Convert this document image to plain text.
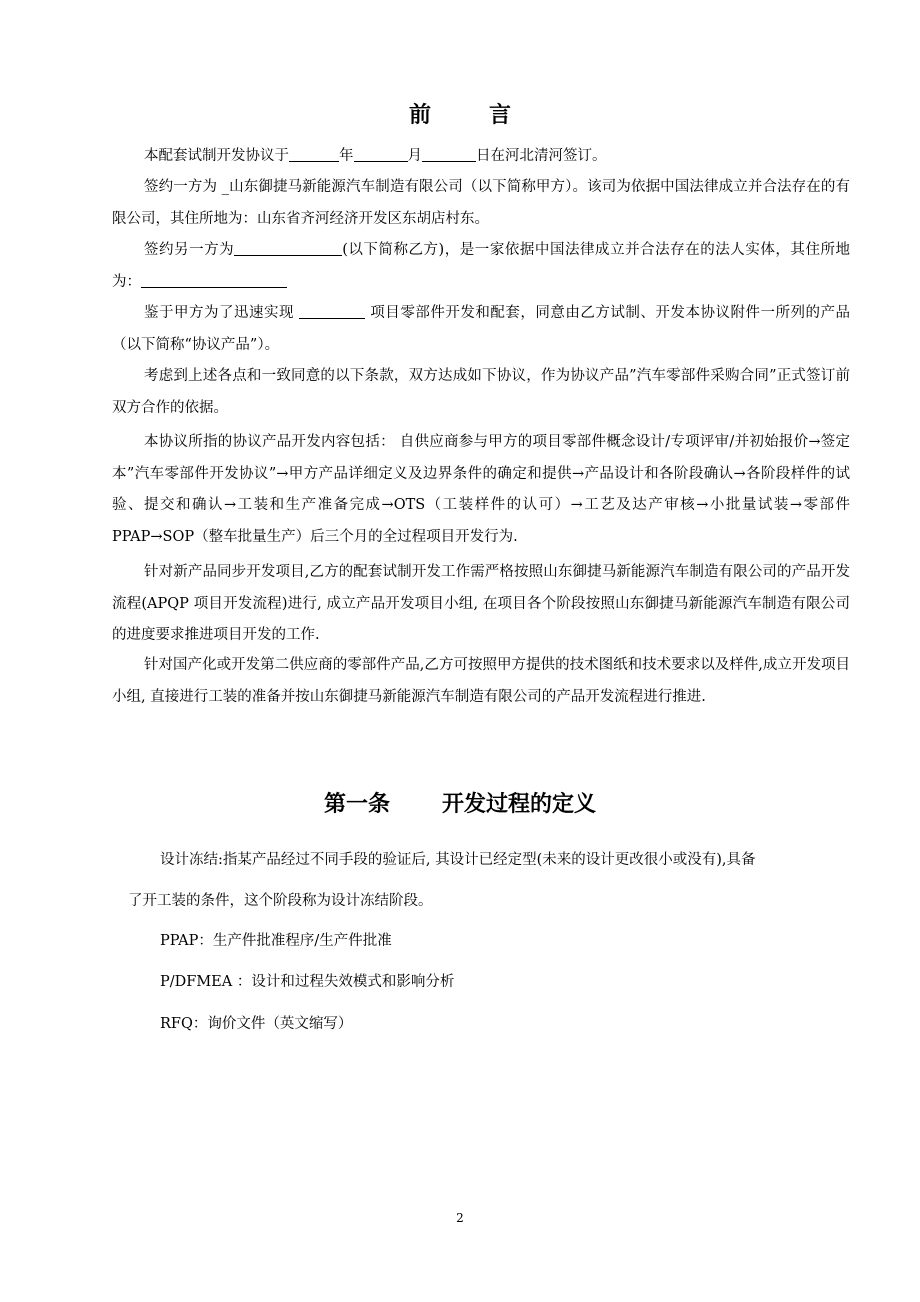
前	言

本配套试制开发协议于	年	月	日在河北清河签订。

签约一方为 _山东御捷马新能源汽车制造有限公司（以下简称甲方）。该司为依据中国法律成立并合法存在的有限公司，其住所地为：山东省齐河经济开发区东胡店村东。

签约另一方为	(以下简称乙方)，是一家依据中国法律成立并合法存在的法人实体，其住所地为：

鉴于甲方为了迅速实现	项目零部件开发和配套，同意由乙方试制、开发本协议附件一所列的产品（以下简称“协议产品”）。

考虑到上述各点和一致同意的以下条款，双方达成如下协议，作为协议产品”汽车零部件采购合同”正式签订前双方合作的依据。

本协议所指的协议产品开发内容包括： 自供应商参与甲方的项目零部件概念设计/专项评审/并初始报价→签定本”汽车零部件开发协议”→甲方产品详细定义及边界条件的确定和提供→产品设计和各阶段确认→各阶段样件的试验、提交和确认→工装和生产准备完成→OTS（工装样件的认可）→工艺及达产审核→小批量试装→零部件 PPAP→SOP（整车批量生产）后三个月的全过程项目开发行为.

针对新产品同步开发项目,乙方的配套试制开发工作需严格按照山东御捷马新能源汽车制造有限公司的产品开发流程(APQP 项目开发流程)进行, 成立产品开发项目小组, 在项目各个阶段按照山东御捷马新能源汽车制造有限公司的进度要求推进项目开发的工作.

针对国产化或开发第二供应商的零部件产品,乙方可按照甲方提供的技术图纸和技术要求以及样件,成立开发项目小组, 直接进行工装的准备并按山东御捷马新能源汽车制造有限公司的产品开发流程进行推进.

第一条 开发过程的定义

设计冻结:指某产品经过不同手段的验证后, 其设计已经定型(未来的设计更改很小或没有),具备

了开工装的条件，这个阶段称为设计冻结阶段。

PPAP：生产件批准程序/生产件批准

P/DFMEA ：设计和过程失效模式和影响分析

RFQ：询价文件（英文缩写）

2
